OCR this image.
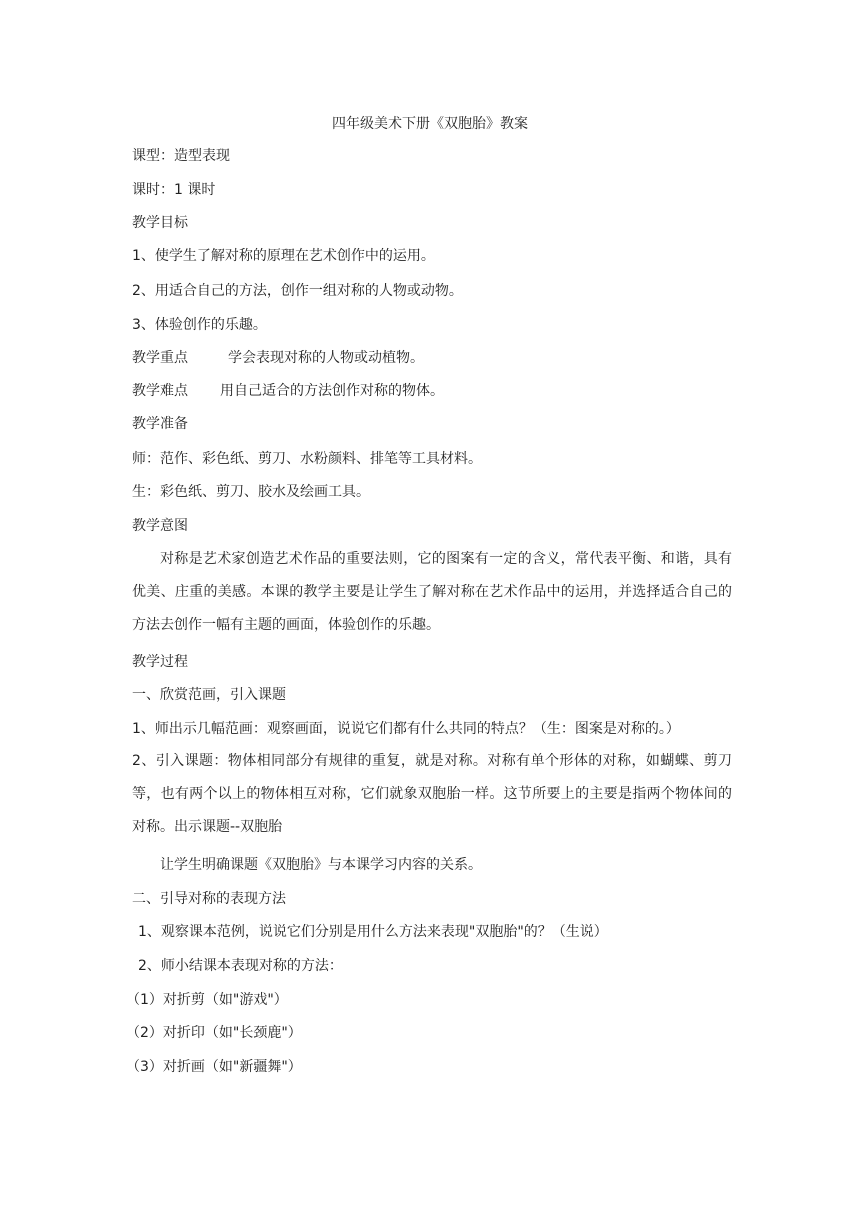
四年级美术下册《双胞胎》教案
课型：造型表现
课时：1 课时
教学目标
1、使学生了解对称的原理在艺术创作中的运用。
2、用适合自己的方法，创作一组对称的人物或动物。
3、体验创作的乐趣。
教学重点	学会表现对称的人物或动植物。
教学难点 用自己适合的方法创作对称的物体。
教学准备
师：范作、彩色纸、剪刀、水粉颜料、排笔等工具材料。
生：彩色纸、剪刀、胶水及绘画工具。
教学意图

对称是艺术家创造艺术作品的重要法则，它的图案有一定的含义，常代表平衡、和谐，具有优美、庄重的美感。本课的教学主要是让学生了解对称在艺术作品中的运用，并选择适合自己的方法去创作一幅有主题的画面，体验创作的乐趣。

教学过程
一、欣赏范画，引入课题
1、师出示几幅范画：观察画面，说说它们都有什么共同的特点？（生：图案是对称的。）

2、引入课题：物体相同部分有规律的重复，就是对称。对称有单个形体的对称，如蝴蝶、剪刀等，也有两个以上的物体相互对称，它们就象双胞胎一样。这节所要上的主要是指两个物体间的对称。出示课题--双胞胎

让学生明确课题《双胞胎》与本课学习内容的关系。
二、引导对称的表现方法
1、观察课本范例，说说它们分别是用什么方法来表现"双胞胎"的？（生说）
2、师小结课本表现对称的方法：
（1）对折剪（如"游戏"）
（2）对折印（如"长颈鹿"）
（3）对折画（如"新疆舞"）
